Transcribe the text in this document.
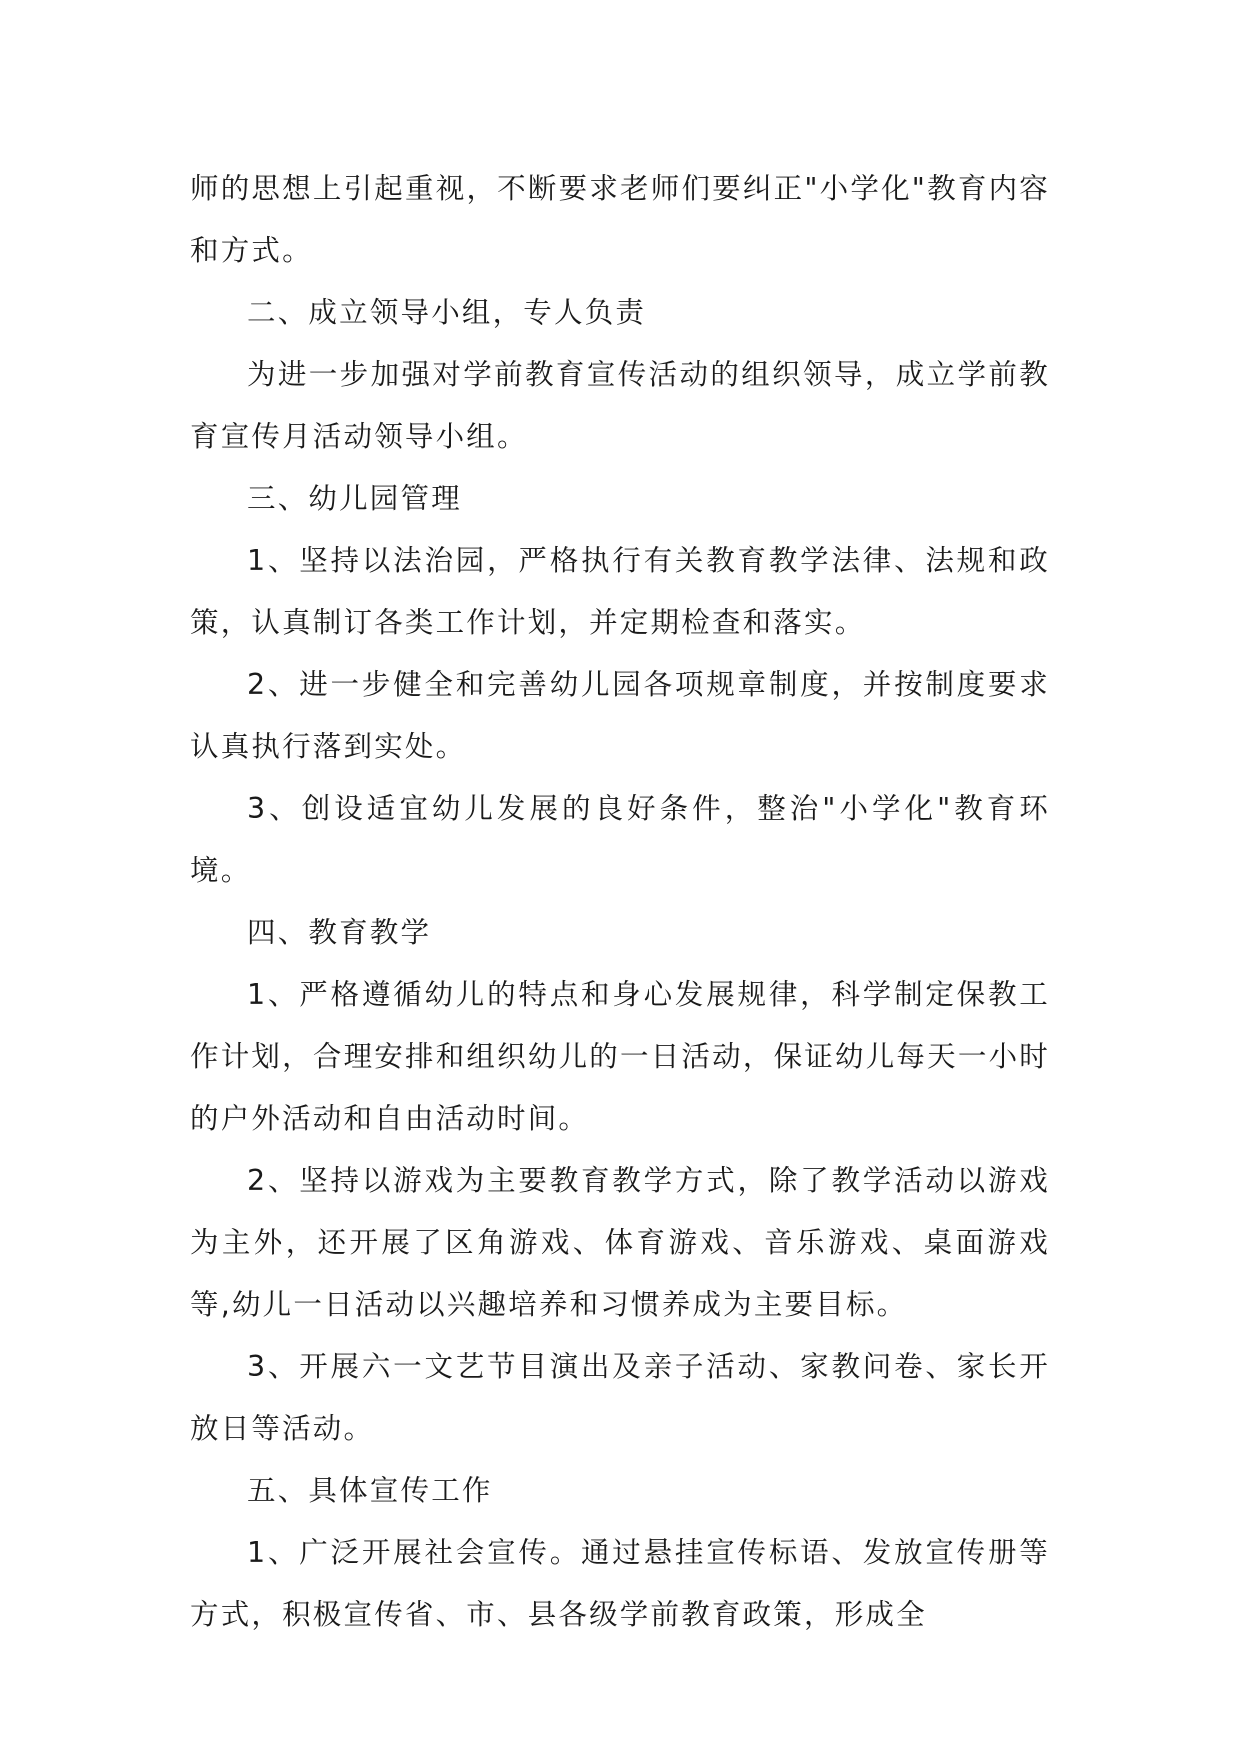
师的思想上引起重视，不断要求老师们要纠正"小学化"教育内容和方式。

二、成立领导小组，专人负责

为进一步加强对学前教育宣传活动的组织领导，成立学前教育宣传月活动领导小组。

三、幼儿园管理

1、坚持以法治园，严格执行有关教育教学法律、法规和政策，认真制订各类工作计划，并定期检查和落实。

2、进一步健全和完善幼儿园各项规章制度，并按制度要求认真执行落到实处。

3、创设适宜幼儿发展的良好条件，整治"小学化"教育环境。

四、教育教学

1、严格遵循幼儿的特点和身心发展规律，科学制定保教工作计划，合理安排和组织幼儿的一日活动，保证幼儿每天一小时的户外活动和自由活动时间。

2、坚持以游戏为主要教育教学方式，除了教学活动以游戏为主外，还开展了区角游戏、体育游戏、音乐游戏、桌面游戏等,幼儿一日活动以兴趣培养和习惯养成为主要目标。

3、开展六一文艺节目演出及亲子活动、家教问卷、家长开放日等活动。

五、具体宣传工作

1、广泛开展社会宣传。通过悬挂宣传标语、发放宣传册等方式，积极宣传省、市、县各级学前教育政策，形成全
